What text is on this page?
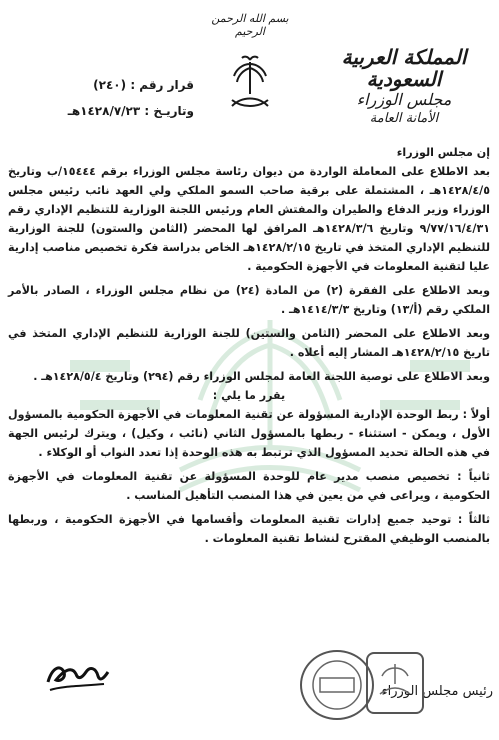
بسم الله الرحمن الرحيم
المملكة العربية السعودية
مجلس الوزراء
الأمانة العامة
قرار رقم : (٢٤٠)
وتاريـخ : ١٤٢٨/٧/٢٣هـ

إن مجلس الوزراء

بعد الاطلاع على المعاملة الواردة من ديوان رئاسة مجلس الوزراء برقم ١٥٤٤٤/ب وتاريخ ١٤٢٨/٤/٥هـ ، المشتملة على برقية صاحب السمو الملكي ولي العهد نائب رئيس مجلس الوزراء وزير الدفاع والطيران والمفتش العام ورئيس اللجنة الوزارية للتنظيم الإداري رقم ٩/٧٧/١٦/٤/٣١ وتاريخ ١٤٢٨/٣/٦هـ المرافق لها المحضر (الثامن والستون) للجنة الوزارية للتنظيم الإداري المتخذ في تاريخ ١٤٢٨/٢/١٥هـ الخاص بدراسة فكرة تخصيص مناصب إدارية عليا لتقنية المعلومات في الأجهزة الحكومية .

وبعد الاطلاع على الفقرة (٢) من المادة (٢٤) من نظام مجلس الوزراء ، الصادر بالأمر الملكي رقم (أ/١٣) وتاريخ ١٤١٤/٣/٣هـ .

وبعد الاطلاع على المحضر (الثامن والستين) للجنة الوزارية للتنظيم الإداري المتخذ في تاريخ ١٤٢٨/٢/١٥هـ المشار إليه أعلاه .

وبعد الاطلاع على توصية اللجنة العامة لمجلس الوزراء رقم (٢٩٤) وتاريخ ١٤٢٨/٥/٤هـ .

يقرر ما يلي :

أولاً : ربط الوحدة الإدارية المسؤولة عن تقنية المعلومات في الأجهزة الحكومية بالمسؤول الأول ، ويمكن - استثناء - ربطها بالمسؤول الثاني (نائب ، وكيل) ، ويترك لرئيس الجهة في هذه الحالة تحديد المسؤول الذي ترتبط به هذه الوحدة إذا تعدد النواب أو الوكلاء .

ثانياً : تخصيص منصب مدير عام للوحدة المسؤولة عن تقنية المعلومات في الأجهزة الحكومية ، ويراعى في من يعين في هذا المنصب التأهيل المناسب .

ثالثاً : توحيد جميع إدارات تقنية المعلومات وأقسامها في الأجهزة الحكومية ، وربطها بالمنصب الوظيفي المقترح لنشاط تقنية المعلومات .

رئيس مجلس الوزراء
